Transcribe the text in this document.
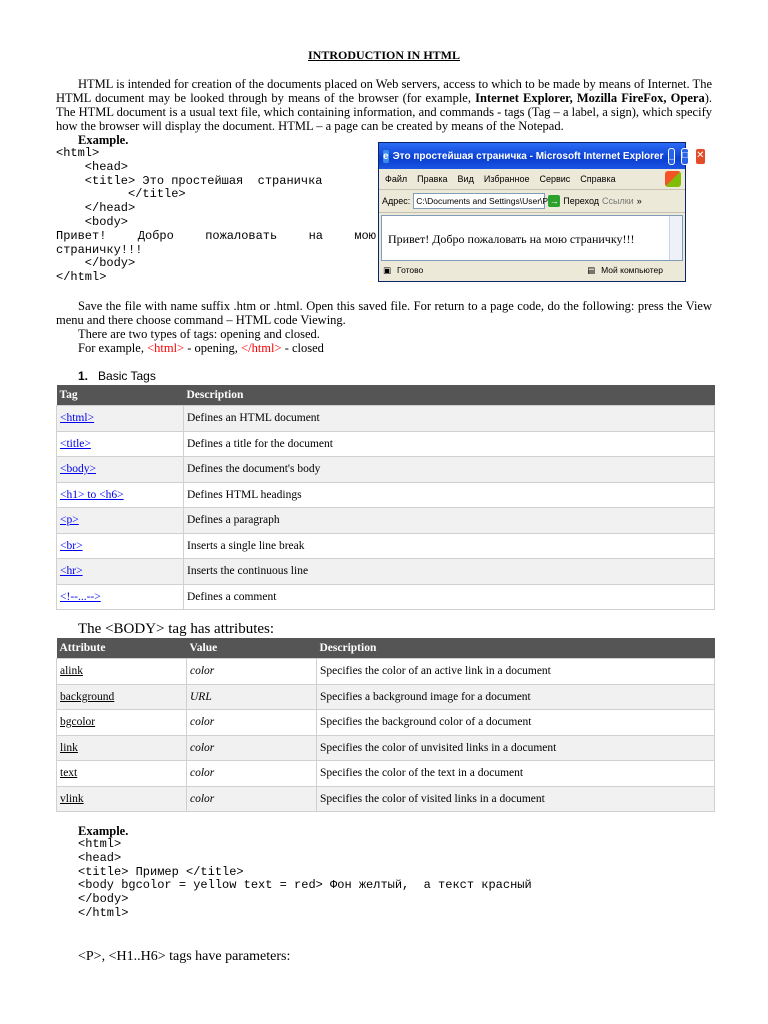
INTRODUCTION IN HTML
HTML is intended for creation of the documents placed on Web servers, access to which to be made by means of Internet. The HTML document may be looked through by means of the browser (for example, Internet Explorer, Mozilla FireFox, Opera). The HTML document is a usual text file, which containing information, and commands - tags (Tag – a label, a sign), which specify how the browser will display the document. HTML – a page can be created by means of the Notepad.
Example.
<html>
<head>
<title> Это простейшая страничка
</title>
</head>
<body>
Привет!	Добро	пожаловать	на	мою
страничку!!!
</body>
</html>
e Это простейшая страничка - Microsoft Internet Explorer _ □ ✕
Файл Правка Вид Избранное Сервис Справка
Адрес: C:\Documents and Settings\User\P → Переход Ссылки »
Привет! Добро пожаловать на мою страничку!!!
▣ Готово	▤ Мой компьютер
Save the file with name suffix .htm or .html. Open this saved file. For return to a page code, do the following: press the View menu and there choose command – HTML code Viewing.
There are two types of tags: opening and closed.
For example, <html> - opening, </html> - closed
1. Basic Tags
Tag	Description
<html>	Defines an HTML document
<title>	Defines a title for the document
<body>	Defines the document's body
<h1> to <h6>	Defines HTML headings
<p>	Defines a paragraph
<br>	Inserts a single line break
<hr>	Inserts the continuous line
<!--...-->	Defines a comment
The <BODY> tag has attributes:
Attribute	Value	Description
alink	color	Specifies the color of an active link in a document
background	URL	Specifies a background image for a document
bgcolor	color	Specifies the background color of a document
link	color	Specifies the color of unvisited links in a document
text	color	Specifies the color of the text in a document
vlink	color	Specifies the color of visited links in a document
Example.
<html>
<head>
<title> Пример </title>
<body bgcolor = yellow text = red> Фон желтый,  а текст красный
</body>
</html>
<P>, <H1..H6> tags have parameters:
